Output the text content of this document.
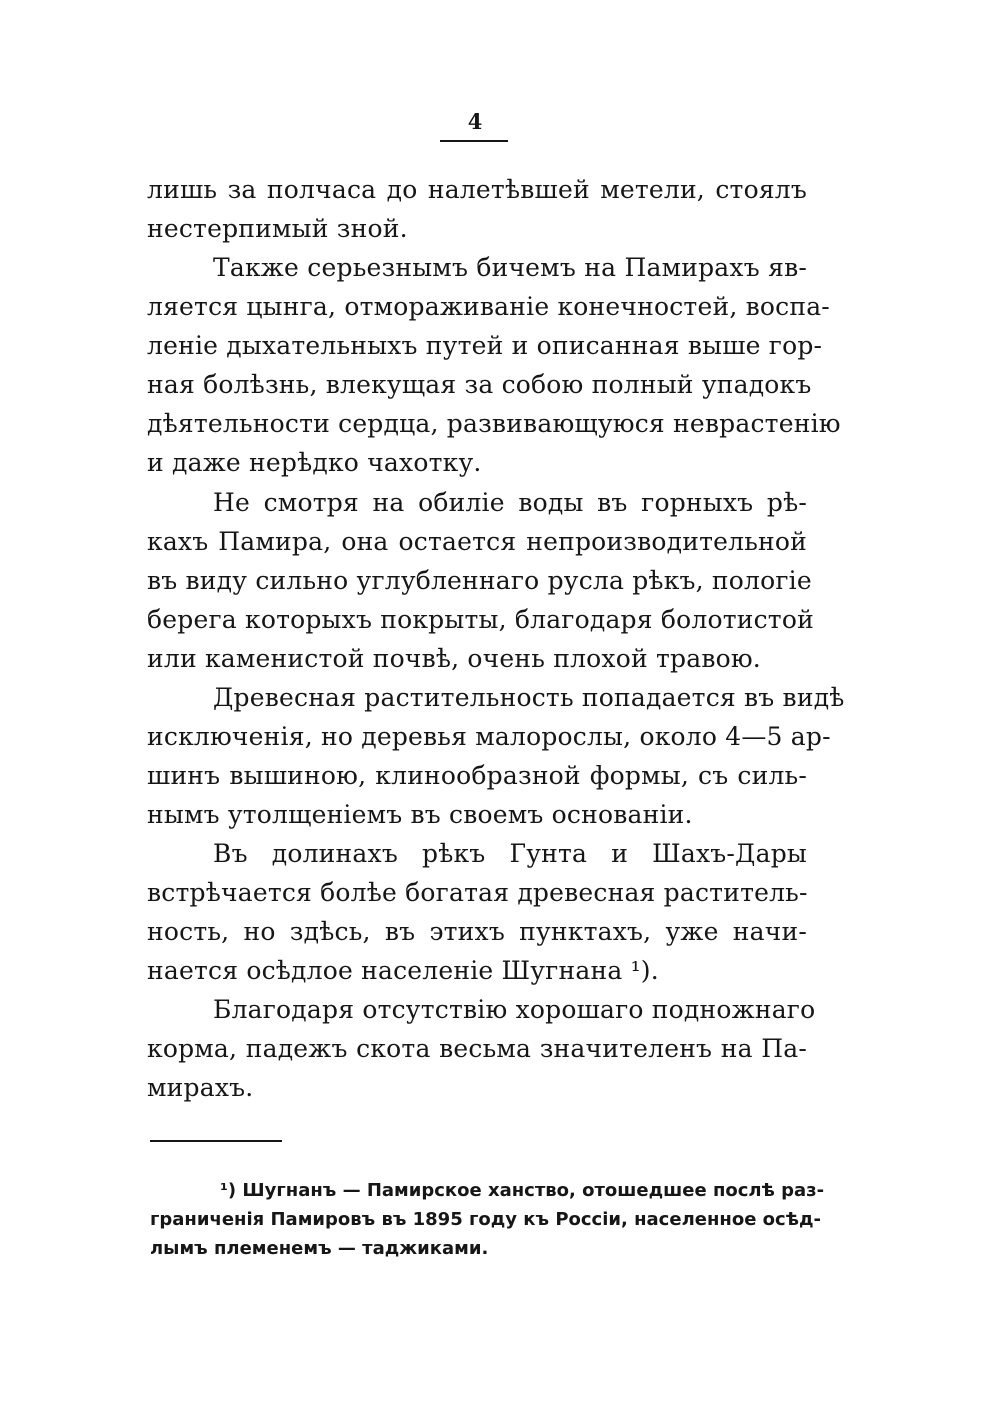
4
лишь за полчаса до налетѣвшей метели, стоялъ
нестерпимый зной.
Также серьезнымъ бичемъ на Памирахъ яв-
ляется цынга, отмораживаніе конечностей, воспа-
леніе дыхательныхъ путей и описанная выше гор-
ная болѣзнь, влекущая за собою полный упадокъ
дѣятельности сердца, развивающуюся неврастенію
и даже нерѣдко чахотку.
Не смотря на обиліе воды въ горныхъ рѣ-
кахъ Памира, она остается непроизводительной
въ виду сильно углубленнаго русла рѣкъ, пологіе
берега которыхъ покрыты, благодаря болотистой
или каменистой почвѣ, очень плохой травою.
Древесная растительность попадается въ видѣ
исключенія, но деревья малорослы, около 4—5 ар-
шинъ вышиною, клинообразной формы, съ силь-
нымъ утолщеніемъ въ своемъ основаніи.
Въ долинахъ рѣкъ Гунта и Шахъ-Дары
встрѣчается болѣе богатая древесная раститель-
ность, но здѣсь, въ этихъ пунктахъ, уже начи-
нается осѣдлое населеніе Шугнана ¹).
Благодаря отсутствію хорошаго подножнаго
корма, падежъ скота весьма значителенъ на Па-
мирахъ.
¹) Шугнанъ — Памирское ханство, отошедшее послѣ раз-
граниченія Памировъ въ 1895 году къ Россіи, населенное осѣд-
лымъ племенемъ — таджиками.
